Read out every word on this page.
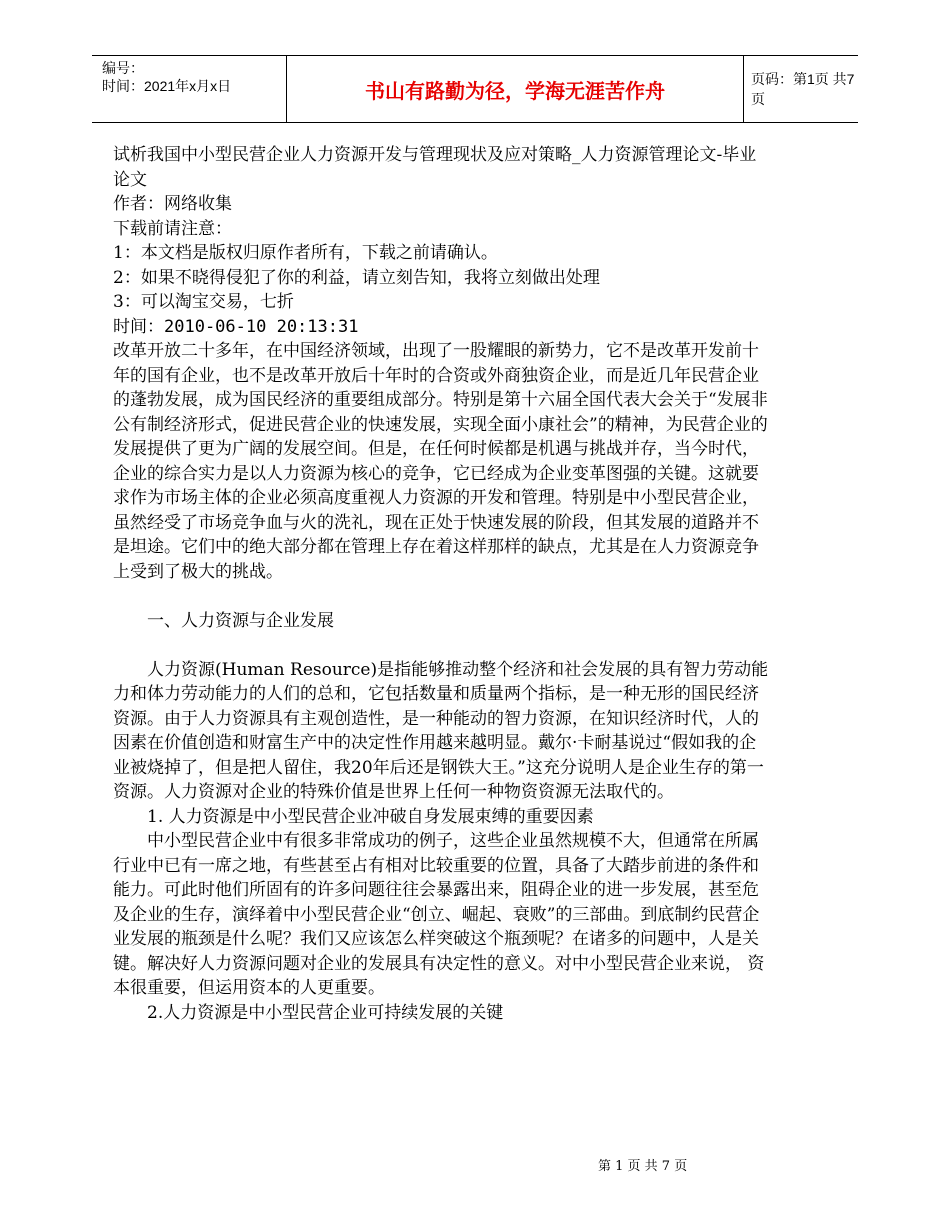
编号：
时间：2021年x月x日	书山有路勤为径，学海无涯苦作舟	页码：第1页 共7页

试析我国中小型民营企业人力资源开发与管理现状及应对策略_人力资源管理论文-毕业论文

作者：网络收集

下载前请注意：

1：本文档是版权归原作者所有，下载之前请确认。

2：如果不晓得侵犯了你的利益，请立刻告知，我将立刻做出处理

3：可以淘宝交易，七折

时间：2010-06-10 20:13:31

改革开放二十多年，在中国经济领域，出现了一股耀眼的新势力，它不是改革开发前十年的国有企业，也不是改革开放后十年时的合资或外商独资企业，而是近几年民营企业的蓬勃发展，成为国民经济的重要组成部分。特别是第十六届全国代表大会关于“发展非公有制经济形式，促进民营企业的快速发展，实现全面小康社会”的精神，为民营企业的发展提供了更为广阔的发展空间。但是，在任何时候都是机遇与挑战并存，当今时代，企业的综合实力是以人力资源为核心的竞争，它已经成为企业变革图强的关键。这就要求作为市场主体的企业必须高度重视人力资源的开发和管理。特别是中小型民营企业，虽然经受了市场竞争血与火的洗礼，现在正处于快速发展的阶段，但其发展的道路并不是坦途。它们中的绝大部分都在管理上存在着这样那样的缺点，尤其是在人力资源竞争上受到了极大的挑战。

一、人力资源与企业发展

人力资源(Human Resource)是指能够推动整个经济和社会发展的具有智力劳动能力和体力劳动能力的人们的总和，它包括数量和质量两个指标，是一种无形的国民经济资源。由于人力资源具有主观创造性，是一种能动的智力资源，在知识经济时代，人的因素在价值创造和财富生产中的决定性作用越来越明显。戴尔·卡耐基说过“假如我的企业被烧掉了，但是把人留住，我20年后还是钢铁大王。”这充分说明人是企业生存的第一资源。人力资源对企业的特殊价值是世界上任何一种物资资源无法取代的。

1. 人力资源是中小型民营企业冲破自身发展束缚的重要因素

中小型民营企业中有很多非常成功的例子，这些企业虽然规模不大，但通常在所属行业中已有一席之地，有些甚至占有相对比较重要的位置，具备了大踏步前进的条件和能力。可此时他们所固有的许多问题往往会暴露出来，阻碍企业的进一步发展，甚至危及企业的生存，演绎着中小型民营企业“创立、崛起、衰败”的三部曲。到底制约民营企业发展的瓶颈是什么呢？我们又应该怎么样突破这个瓶颈呢？在诸多的问题中，人是关键。解决好人力资源问题对企业的发展具有决定性的意义。对中小型民营企业来说， 资本很重要，但运用资本的人更重要。

2.人力资源是中小型民营企业可持续发展的关键

第 1 页 共 7 页
